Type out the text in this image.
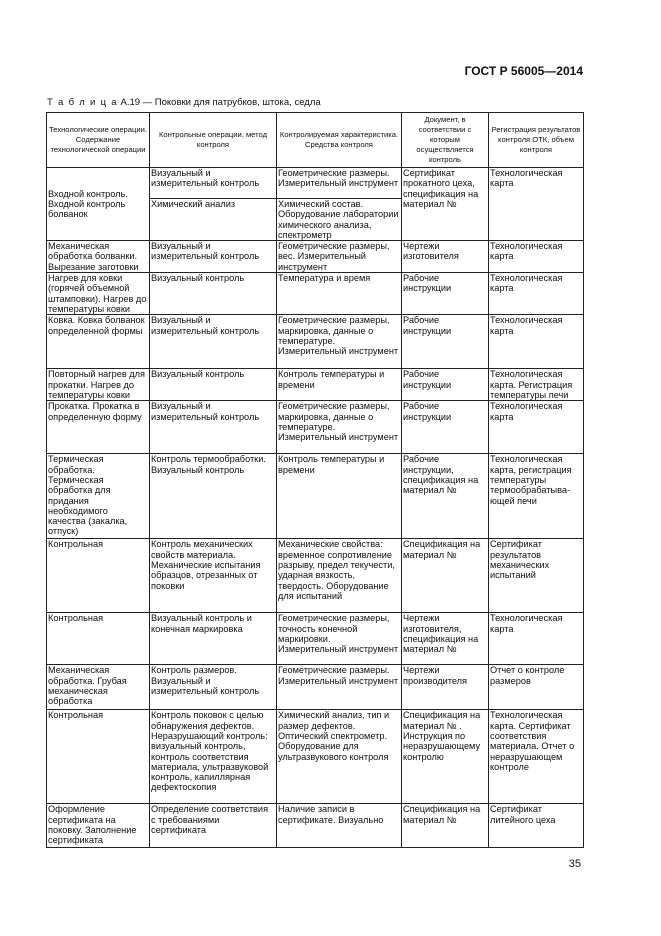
ГОСТ Р 56005—2014
Т а б л и ц а А.19 — Поковки для патрубков, штока, седла
Технологические операции. Содержание технологической операции	Контрольные операции. метод контроля	Контролируемая характеристика. Средства контроля	Документ, в соответствии с которым осуществляется контроль	Регистрация результатов контроля ОТК, объем контроля
Входной контроль. Входной контроль болванок	Визуальный и измерительный контроль	Геометрические размеры. Измерительный инструмент	Сертификат прокатного цеха, спецификация на материал №	Технологическая карта
	Химический анализ	Химический состав. Оборудование лаборатории химического анализа, спектрометр		
Механическая обработка болванки. Вырезание заготовки	Визуальный и измерительный контроль	Геометрические размеры, вес. Измерительный инструмент	Чертежи изготовителя	Технологическая карта
Нагрев для ковки (горячей объемной штамповки). Нагрев до температуры ковки	Визуальный контроль	Температура и время	Рабочие инструкции	Технологическая карта
Ковка. Ковка болванок определенной формы	Визуальный и измерительный контроль	Геометрические размеры, маркировка, данные о температуре. Измерительный инструмент	Рабочие инструкции	Технологическая карта
Повторный нагрев для прокатки. Нагрев до температуры ковки	Визуальный контроль	Контроль температуры и времени	Рабочие инструкции	Технологическая карта. Регистрация температуры печи
Прокатка. Прокатка в определенную форму	Визуальный и измерительный контроль	Геометрические размеры, маркировка, данные о температуре. Измерительный инструмент	Рабочие инструкции	Технологическая карта
Термическая обработка. Термическая обработка для придания необходимого качества (закалка, отпуск)	Контроль термообработки. Визуальный контроль	Контроль температуры и времени	Рабочие инструкции, спецификация на материал №	Технологическая карта, регистрация температуры термообрабатыва-ющей печи
Контрольная	Контроль механических свойств материала. Механические испытания образцов, отрезанных от поковки	Механические свойства: временное сопротивление разрыву, предел текучести, ударная вязкость, твердость. Оборудование для испытаний	Спецификация на материал №	Сертификат результатов механических испытаний
Контрольная	Визуальный контроль и конечная маркировка	Геометрические размеры, точность конечной маркировки. Измерительный инструмент	Чертежи изготовителя, спецификация на материал №	Технологическая карта
Механическая обработка. Грубая механическая обработка	Контроль размеров. Визуальный и измерительный контроль	Геометрические размеры. Измерительный инструмент	Чертежи производителя	Отчет о контроле размеров
Контрольная	Контроль поковок с целью обнаружения дефектов. Неразрушающий контроль: визуальный контроль, контроль соответствия материала, ультразвуковой контроль, капиллярная дефектоскопия	Химический анализ, тип и размер дефектов. Оптический спектрометр. Оборудование для ультразвукового контроля	Спецификация на материал № . Инструкция по неразрушающему контролю	Технологическая карта. Сертификат соответствия материала. Отчет о неразрушающем контроле
Оформление сертификата на поковку. Заполнение сертификата	Определение соответствия с требованиями сертификата	Наличие записи в сертификате. Визуально	Спецификация на материал №	Сертификат литейного цеха
35
